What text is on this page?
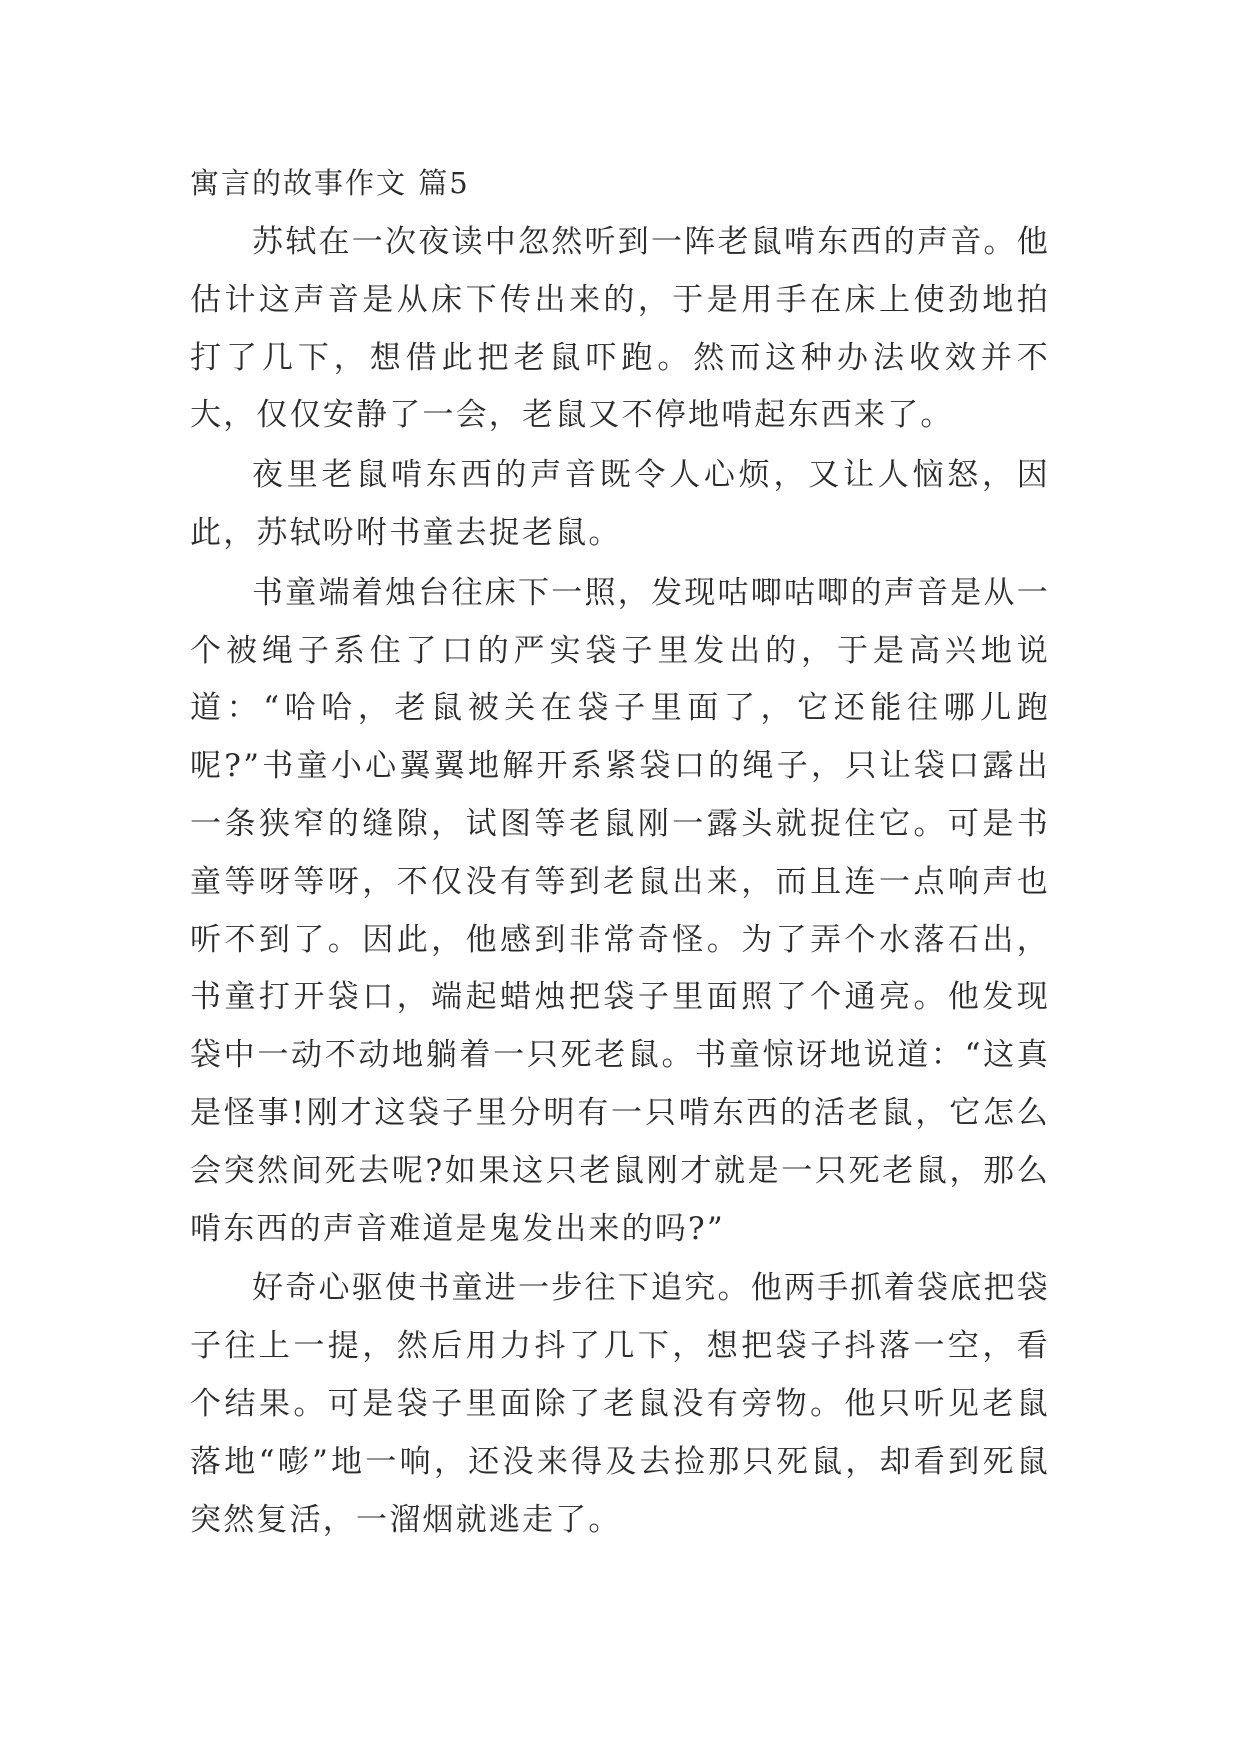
寓言的故事作文 篇5

苏轼在一次夜读中忽然听到一阵老鼠啃东西的声音。他估计这声音是从床下传出来的，于是用手在床上使劲地拍打了几下，想借此把老鼠吓跑。然而这种办法收效并不大，仅仅安静了一会，老鼠又不停地啃起东西来了。

夜里老鼠啃东西的声音既令人心烦，又让人恼怒，因此，苏轼吩咐书童去捉老鼠。

书童端着烛台往床下一照，发现咕唧咕唧的声音是从一个被绳子系住了口的严实袋子里发出的，于是高兴地说道：“哈哈，老鼠被关在袋子里面了，它还能往哪儿跑呢?”书童小心翼翼地解开系紧袋口的绳子，只让袋口露出一条狭窄的缝隙，试图等老鼠刚一露头就捉住它。可是书童等呀等呀，不仅没有等到老鼠出来，而且连一点响声也听不到了。因此，他感到非常奇怪。为了弄个水落石出，书童打开袋口，端起蜡烛把袋子里面照了个通亮。他发现袋中一动不动地躺着一只死老鼠。书童惊讶地说道：“这真是怪事!刚才这袋子里分明有一只啃东西的活老鼠，它怎么会突然间死去呢?如果这只老鼠刚才就是一只死老鼠，那么啃东西的声音难道是鬼发出来的吗?”

好奇心驱使书童进一步往下追究。他两手抓着袋底把袋子往上一提，然后用力抖了几下，想把袋子抖落一空，看个结果。可是袋子里面除了老鼠没有旁物。他只听见老鼠落地“嘭”地一响，还没来得及去捡那只死鼠，却看到死鼠突然复活，一溜烟就逃走了。
